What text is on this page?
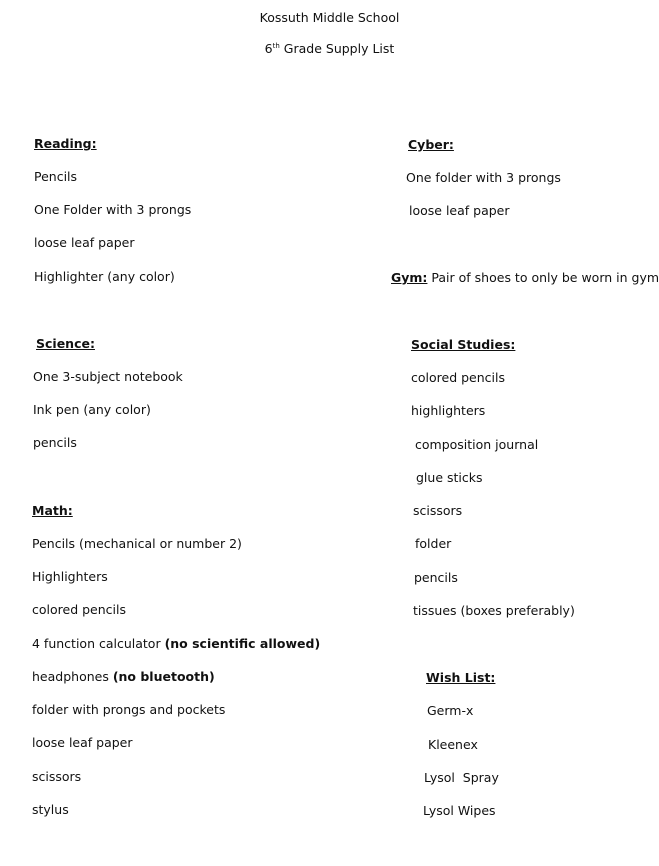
Kossuth Middle School
6th Grade Supply List
Reading:
Pencils
One Folder with 3 prongs
loose leaf paper
Highlighter (any color)
Cyber:
One folder with 3 prongs
loose leaf paper
Gym: Pair of shoes to only be worn in gym
Science:
One 3-subject notebook
Ink pen (any color)
pencils
Social Studies:
colored pencils
highlighters
composition journal
glue sticks
scissors
folder
pencils
tissues (boxes preferably)
Math:
Pencils (mechanical or number 2)
Highlighters
colored pencils
4 function calculator (no scientific allowed)
headphones (no bluetooth)
folder with prongs and pockets
loose leaf paper
scissors
stylus
Wish List:
Germ-x
Kleenex
Lysol  Spray
Lysol Wipes
